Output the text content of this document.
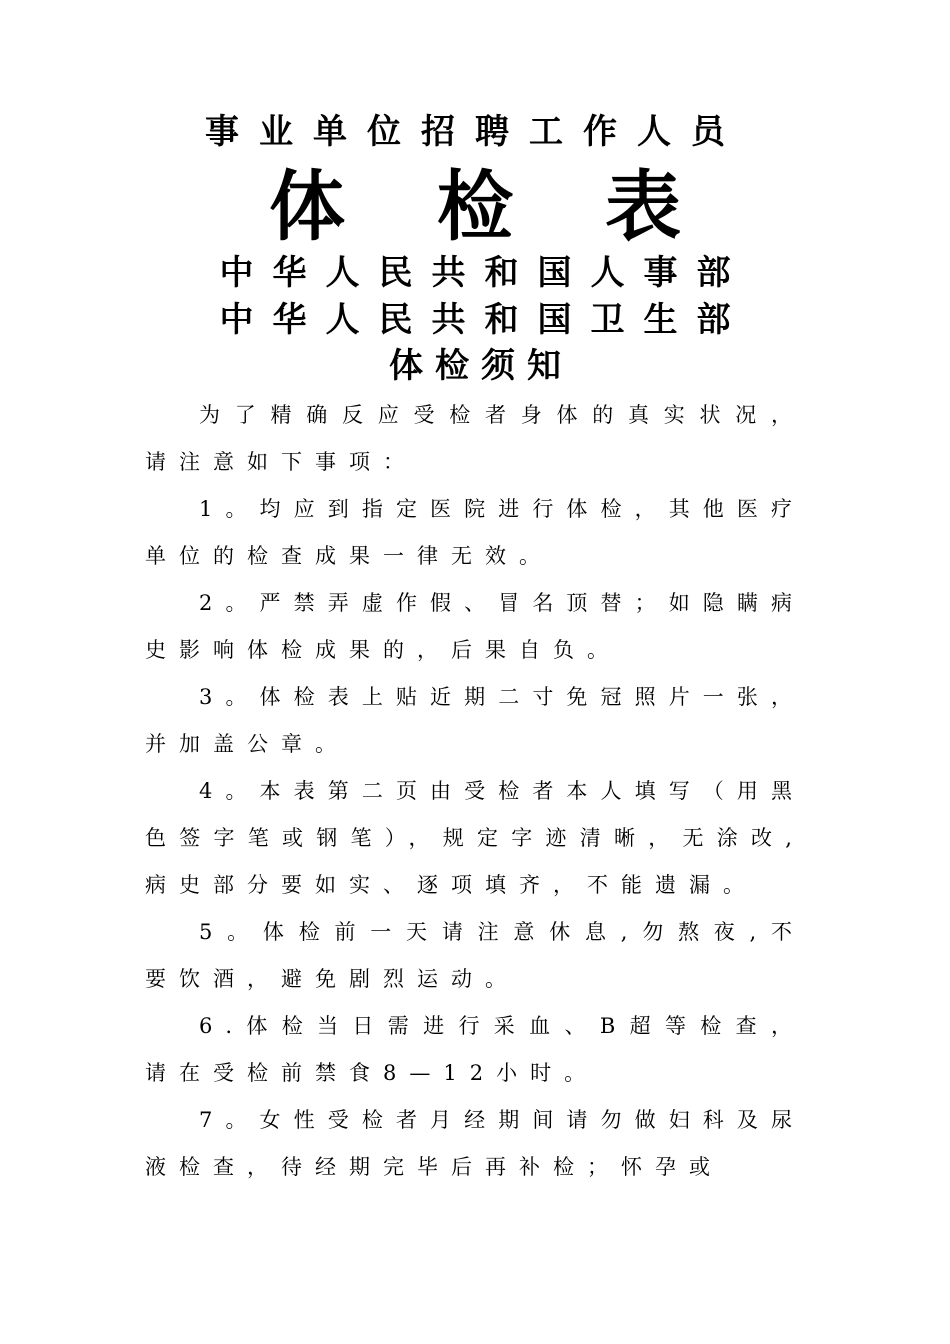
事业单位招聘工作人员
体检表
中华人民共和国人事部
中华人民共和国卫生部
体检须知

为了精确反应受检者身体的真实状况，请注意如下事项：

1。均应到指定医院进行体检，其他医疗单位的检查成果一律无效。

2。严禁弄虚作假、冒名顶替；如隐瞒病史影响体检成果的，后果自负。

3。体检表上贴近期二寸免冠照片一张，并加盖公章。

4。本表第二页由受检者本人填写（用黑色签字笔或钢笔），规定字迹清晰，无涂改,病史部分要如实、逐项填齐，不能遗漏。

5。体检前一天请注意休息,勿熬夜,不要饮酒，避免剧烈运动。

6.体检当日需进行采血、B超等检查，请在受检前禁食8—12小时。

7。女性受检者月经期间请勿做妇科及尿液检查，待经期完毕后再补检；怀孕或
